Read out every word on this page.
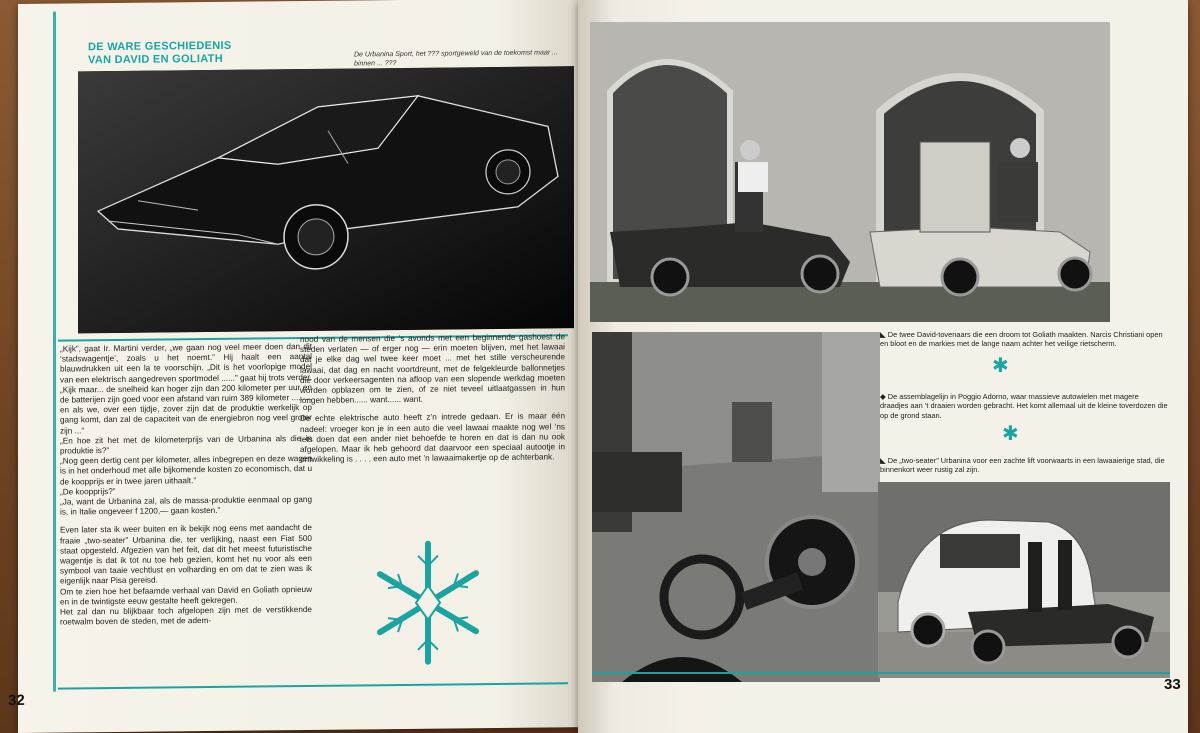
DE WARE GESCHIEDENIS
VAN DAVID EN GOLIATH	De Urbanina Sport, het ??? sportgeweld van de toekomst maar ... binnen ... ???

„Kijk”, gaat Ir. Martini verder, „we gaan nog veel meer doen dan dit ‘stadswagentje’, zoals u het noemt.” Hij haalt een aantal blauwdrukken uit een la te voorschijn. „Dit is het voorlopige model van een elektrisch aangedreven sportmodel ......” gaat hij trots verder. „Kijk maar... de snelheid kan hoger zijn dan 200 kilometer per uur en de batterijen zijn goed voor een afstand van ruim 389 kilometer ......... en als we, over een tijdje, zover zijn dat de produktie werkelijk op gang komt, dan zal de capaciteit van de energiebron nog veel groter zijn ...”

„En hoe zit het met de kilometerprijs van de Urbanina als die in produktie is?”

„Nog geen dertig cent per kilometer, alles inbegrepen en deze wagen is in het onderhoud met alle bijkomende kosten zo economisch, dat u de koopprijs er in twee jaren uithaalt.”

„De koopprijs?”

„Ja, want de Urbanina zal, als de massa-produktie eenmaal op gang is, in Italie ongeveer f 1200,— gaan kosten.”

Even later sta ik weer buiten en ik bekijk nog eens met aandacht de fraaie „two-seater” Urbanina die, ter verlijking, naast een Fiat 500 staat opgesteld. Afgezien van het feit, dat dit het meest futuristische wagentje is dat ik tot nu toe heb gezien, komt het nu voor als een symbool van taaie vechtlust en volharding en om dat te zien was ik eigenlijk naar Pisa gereisd.

Om te zien hoe het befaamde verhaal van David en Goliath opnieuw en in de twintigste eeuw gestalte heeft gekregen.

Het zal dan nu blijkbaar toch afgelopen zijn met de verstikkende roetwalm boven de steden, met de adem-

nood van de mensen die ’s avonds met een beginnende gashoest de steden verlaten — of erger nog — erin moeten blijven, met het lawaai dat je elke dag wel twee keer moet ... met het stille verscheurende lawaai, dat dag en nacht voortdreunt, met de felgekleurde ballonnetjes die door verkeersagenten na afloop van een slopende werkdag moeten worden opblazen om te zien, of ze niet teveel uitlaatgassen in hun longen hebben...... want...... want.

De echte elektrische auto heeft z’n intrede gedaan. Er is maar één nadeel: vroeger kon je in een auto die veel lawaai maakte nog wel ’ns iets doen dat een ander niet behoefde te horen en dat is dan nu ook afgelopen. Maar ik heb gehoord dat daarvoor een speciaal autootje in ontwikkeling is . . . . een auto met ’n lawaaimakertje op de achterbank.

32
◣ De twee David-tovenaars die een droom tot Goliath maakten. Narcis Christiani open en bloot en de markies met de lange naam achter het veilige rietscherm.
✱
◆ De assemblagelijn in Poggio Adorno, waar massieve autowielen met magere draadjes aan ’t draaien worden gebracht. Het komt allemaal uit de kleine toverdozen die op de grond staan.
✱
◣ De „two-seater” Urbanina voor een zachte lift voorwaarts in een lawaaierige stad, die binnenkort weer rustig zal zijn.
33
